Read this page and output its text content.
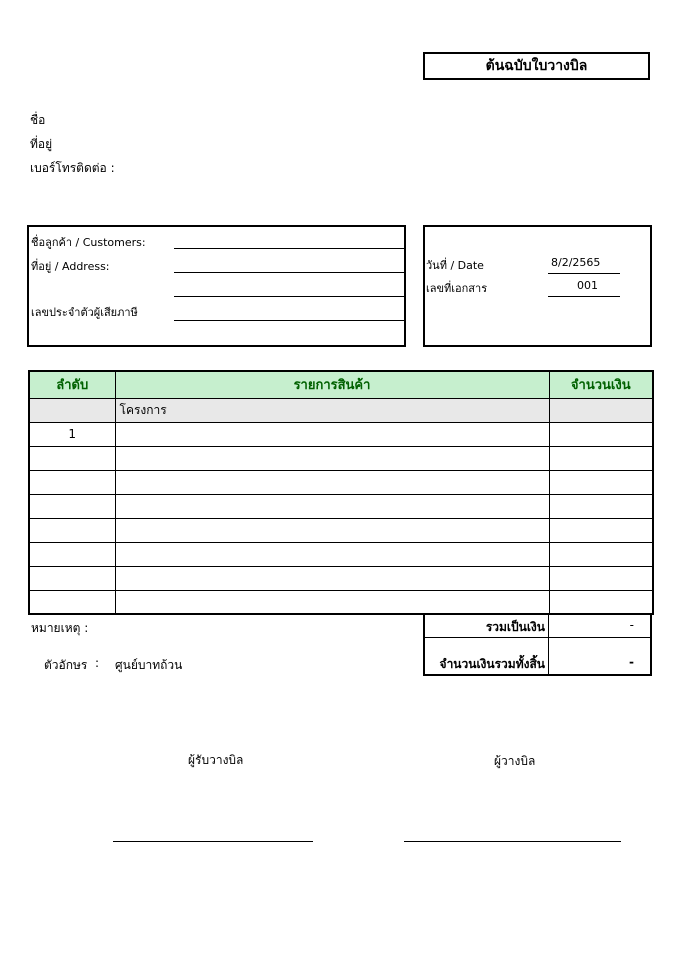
ต้นฉบับใบวางบิล
ชื่อ
ที่อยู่
เบอร์โทรติดต่อ :
ชื่อลูกค้า / Customers:
ที่อยู่ / Address:
เลขประจำตัวผู้เสียภาษี
วันที่ / Date	8/2/2565
เลขที่เอกสาร	001
ลำดับ	รายการสินค้า	จำนวนเงิน
	โครงการ	
1		

หมายเหตุ :
ตัวอักษร : ศูนย์บาทถ้วน
รวมเป็นเงิน	-
จำนวนเงินรวมทั้งสิ้น	-
ผู้รับวางบิล	ผู้วางบิล
